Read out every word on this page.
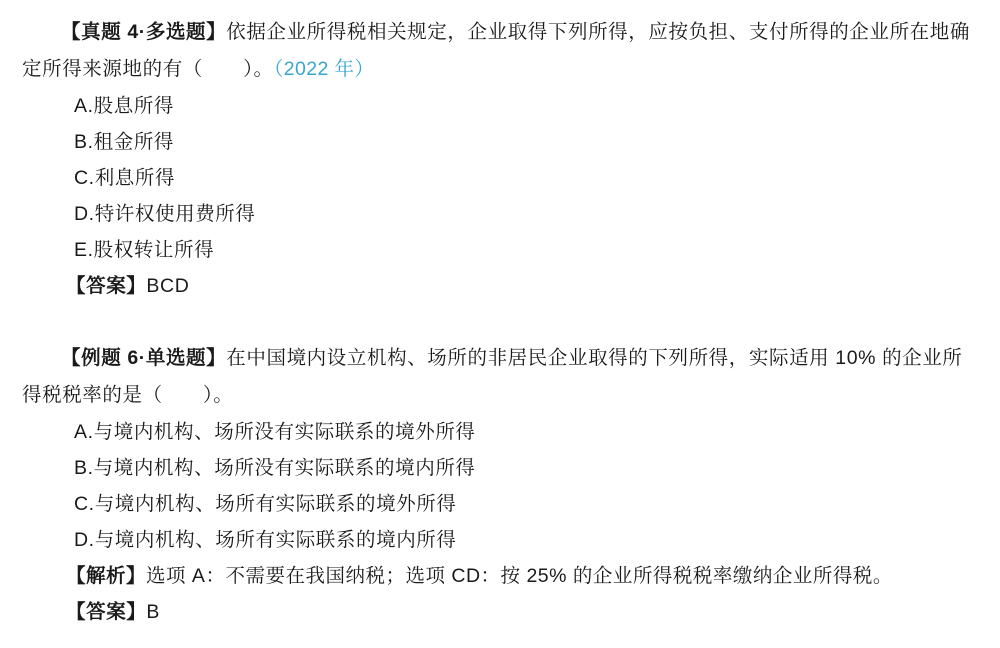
【真题 4·多选题】依据企业所得税相关规定，企业取得下列所得，应按负担、支付所得的企业所在地确定所得来源地的有（　　）。（2022 年）

A.股息所得

B.租金所得

C.利息所得

D.特许权使用费所得

E.股权转让所得

【答案】BCD

【例题 6·单选题】在中国境内设立机构、场所的非居民企业取得的下列所得，实际适用 10% 的企业所得税税率的是（　　）。

A.与境内机构、场所没有实际联系的境外所得

B.与境内机构、场所没有实际联系的境内所得

C.与境内机构、场所有实际联系的境外所得

D.与境内机构、场所有实际联系的境内所得

【解析】选项 A：不需要在我国纳税；选项 CD：按 25% 的企业所得税税率缴纳企业所得税。

【答案】B
